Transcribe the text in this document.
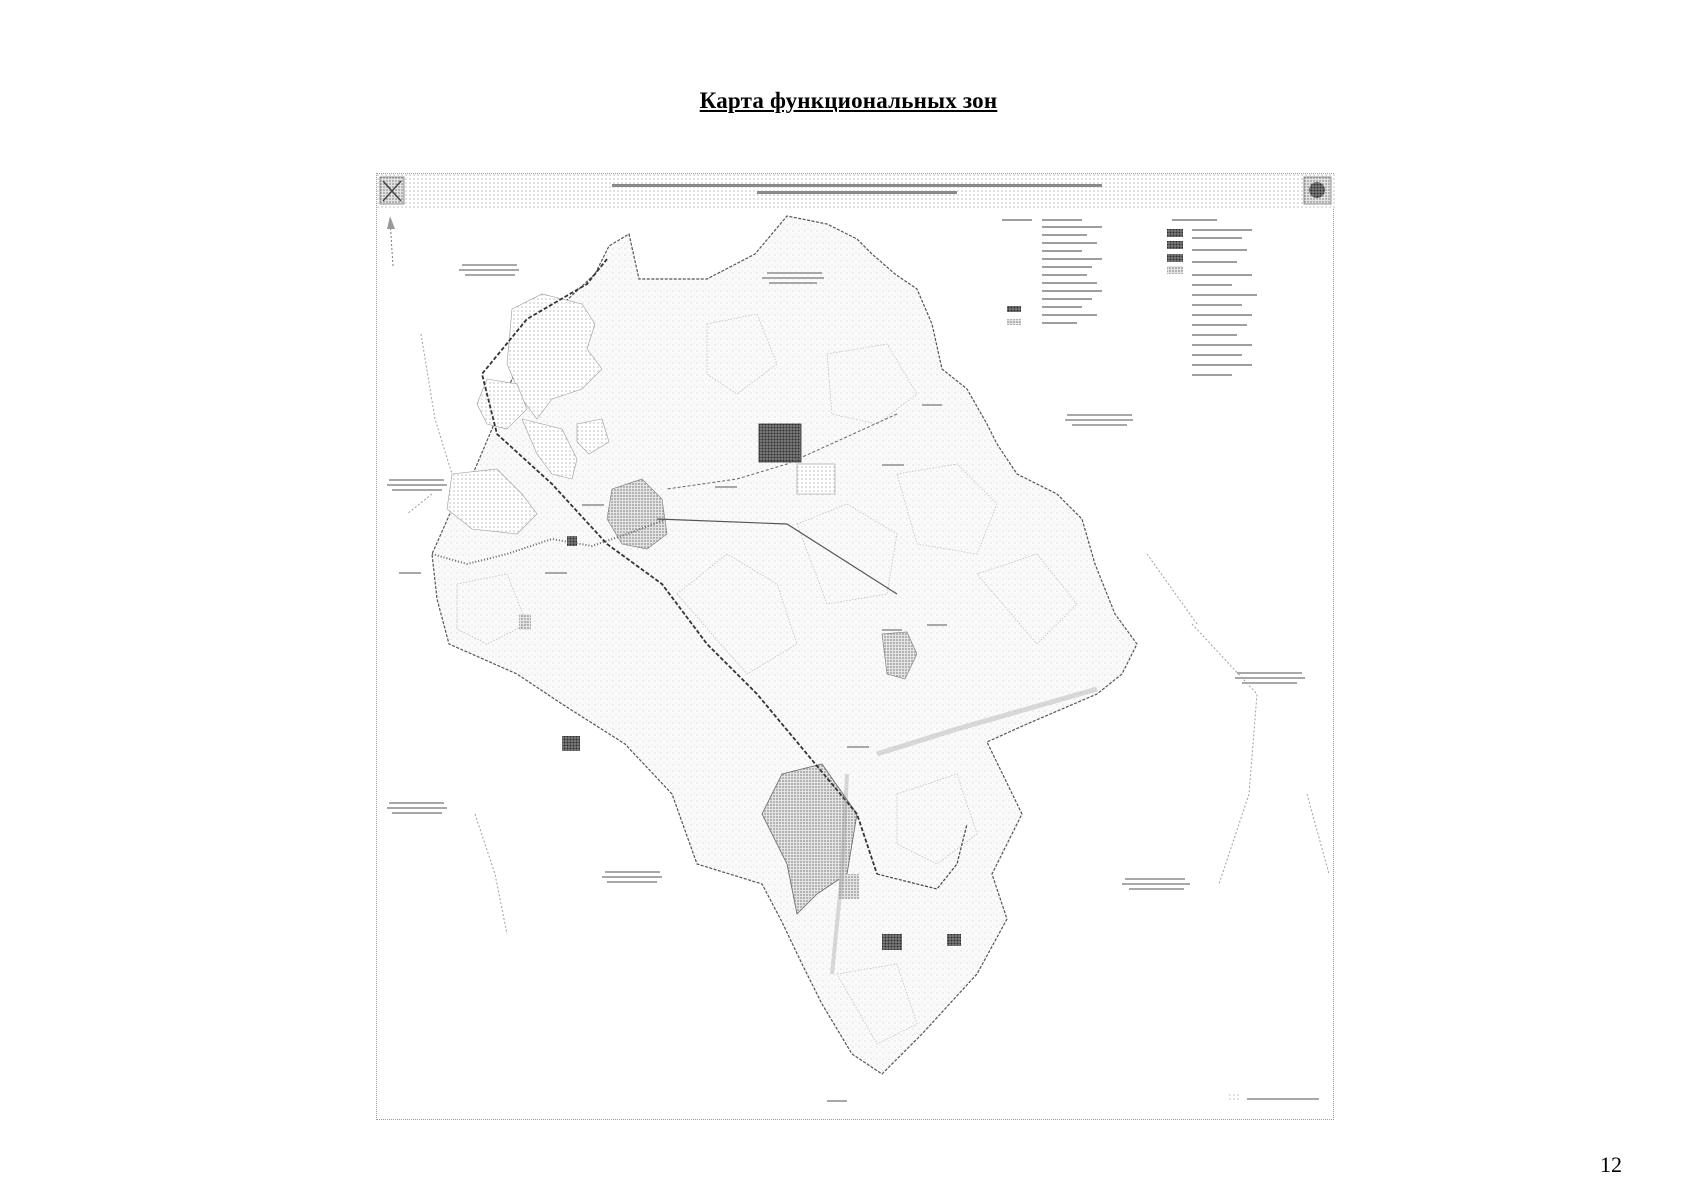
Карта функциональных зон
12
